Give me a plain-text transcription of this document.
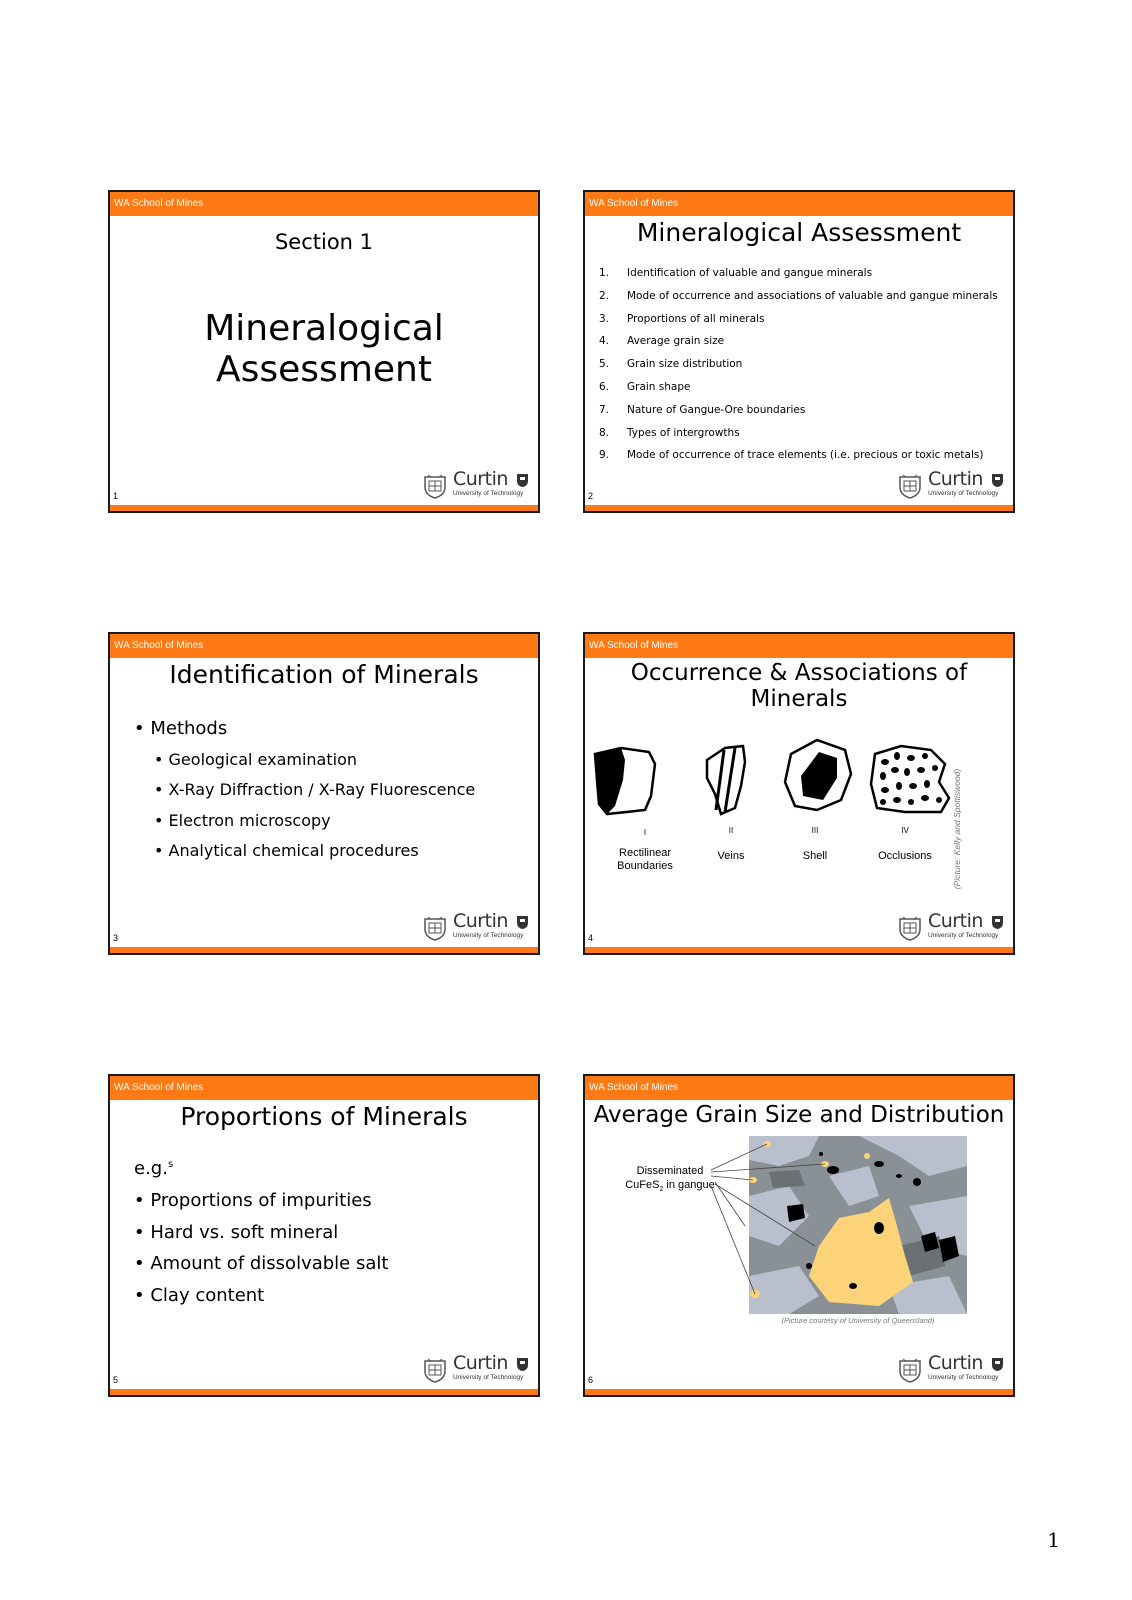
WA School of Mines
Section 1
Mineralogical Assessment
1
Curtin
University of Technology
WA School of Mines
Mineralogical Assessment
1. Identification of valuable and gangue minerals
2. Mode of occurrence and associations of valuable and gangue minerals
3. Proportions of all minerals
4. Average grain size
5. Grain size distribution
6. Grain shape
7. Nature of Gangue-Ore boundaries
8. Types of intergrowths
9. Mode of occurrence of trace elements (i.e. precious or toxic metals)
2
Curtin
University of Technology
WA School of Mines
Identification of Minerals
• Methods
• Geological examination
• X-Ray Diffraction / X-Ray Fluorescence
• Electron microscopy
• Analytical chemical procedures
3
Curtin
University of Technology
WA School of Mines
Occurrence & Associations of Minerals
I
Rectilinear Boundaries
II
Veins
III
Shell
IV
Occlusions	(Picture: Kelly and Spottiswood)
4
Curtin
University of Technology
WA School of Mines
Proportions of Minerals
e.g.$^s$
• Proportions of impurities
• Hard vs. soft mineral
• Amount of dissolvable salt
• Clay content
5
Curtin
University of Technology
WA School of Mines
Average Grain Size and Distribution
Disseminated
CuFeS$_2$ in gangue
(Picture courtesy of University of Queensland)
6
Curtin
University of Technology
1
